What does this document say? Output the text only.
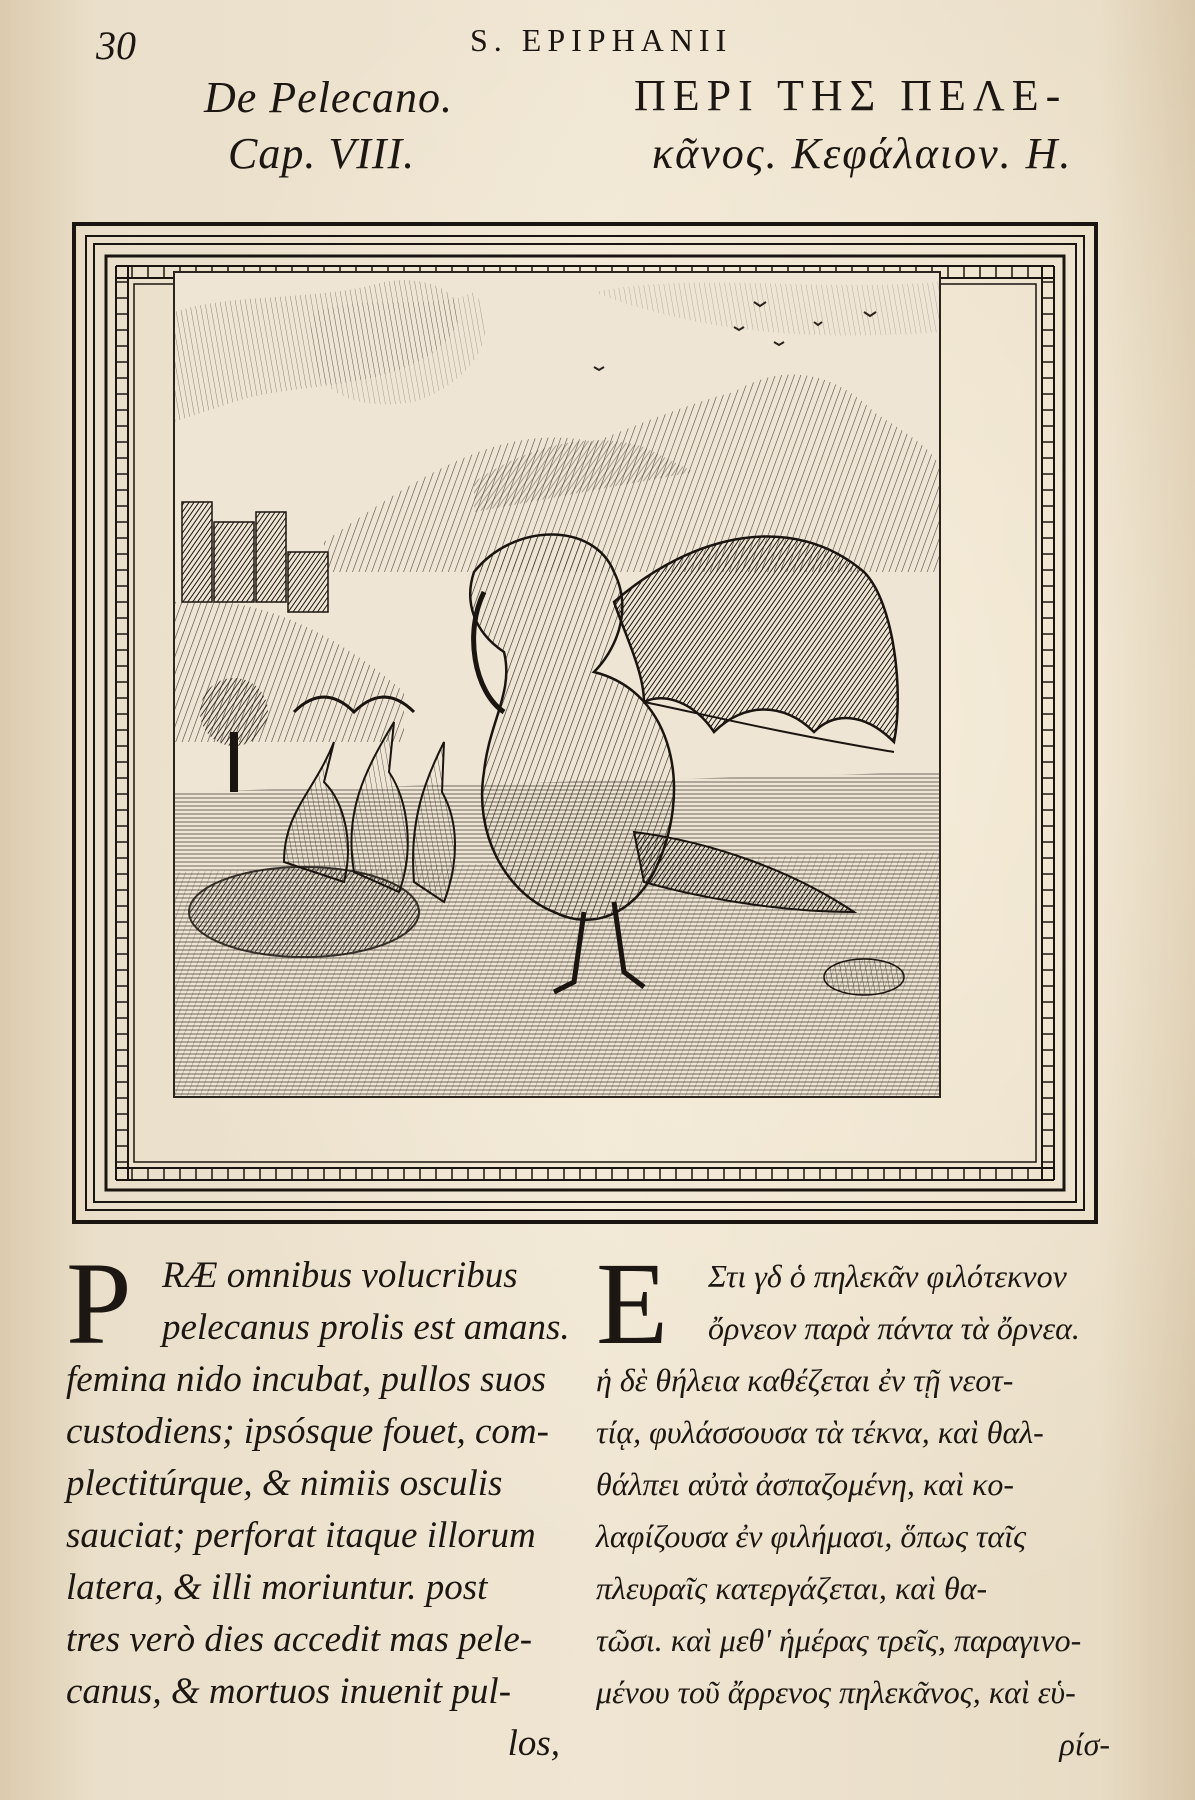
30	S. EPIPHANII
De Pelecano.
Cap. VIII.
ΠΕΡΙ ΤΗΣ ΠΕΛΕ-
κᾶνος. Κεφάλαιον. Η.
P RÆ omnibus volucribus
pelecanus prolis est amans.
femina nido incubat, pullos suos
custodiens; ipsósque fouet, com-
plectitúrque, & nimiis osculis
sauciat; perforat itaque illorum
latera, & illi moriuntur. post
tres verò dies accedit mas pele-
canus, & mortuos inuenit pul-
los,
Ε	Στι γδ ὁ πηλεκᾶν φιλότεκνον
ὄρνεον παρὰ πάντα τὰ ὄρνεα.
ἡ δὲ θήλεια καθέζεται ἐν τῇ νεοτ-
τίᾳ, φυλάσσουσα τὰ τέκνα, καὶ θαλ-
θάλπει αὐτὰ ἀσπαζομένη, καὶ κο-
λαφίζουσα ἐν φιλήμασι, ὅπως ταῖς
πλευραῖς κατεργάζεται, καὶ θα-
τῶσι. καὶ μεθ' ἡμέρας τρεῖς, παραγινο-
μένου τοῦ ἄρρενος πηλεκᾶνος, καὶ εὑ-
ρίσ-
